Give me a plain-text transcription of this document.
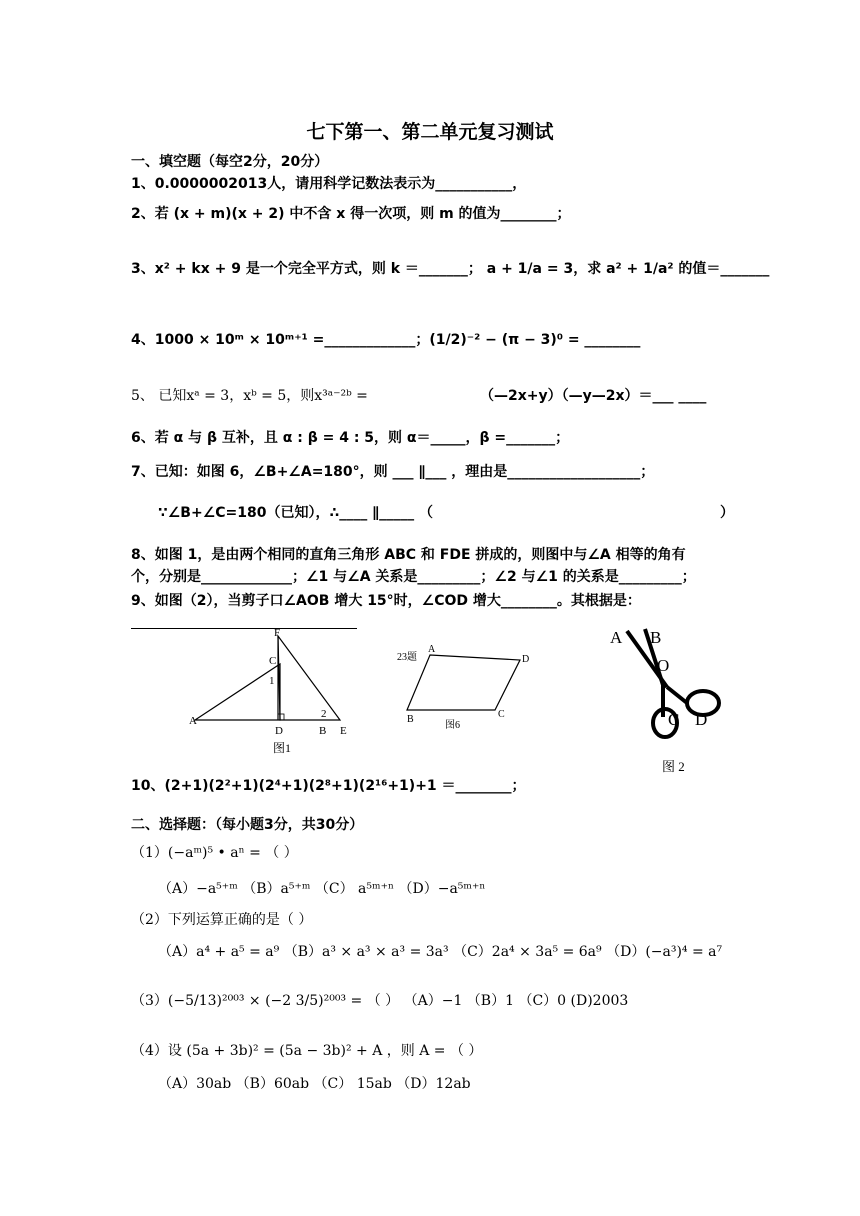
七下第一、第二单元复习测试
一、填空题（每空2分，20分）
1、0.0000002013人，请用科学记数法表示为___________，
2、若 (x + m)(x + 2) 中不含 x 得一次项，则 m 的值为________；
3、x² + kx + 9 是一个完全平方式，则 k ＝_______； a + 1/a = 3，求 a² + 1/a² 的值＝_______
4、1000 × 10ᵐ × 10ᵐ⁺¹ =_____________；(1/2)⁻² − (π − 3)⁰ = ________
5、 已知xᵃ = 3，xᵇ = 5，则x³ᵃ⁻²ᵇ =	（—2x+y）（—y—2x）＝___ ____
6、若 α 与 β 互补，且 α : β = 4 : 5，则 α＝_____，β =_______；
7、已知：如图 6，∠B+∠A=180°，则 ___ ∥___ ，理由是___________________；
∵∠B+∠C=180（已知），∴____ ∥_____ （	）
8、如图 1，是由两个相同的直角三角形 ABC 和 FDE 拼成的，则图中与∠A 相等的角有
个，分别是_____________；∠1 与∠A 关系是_________；∠2 与∠1 的关系是_________；
9、如图（2），当剪子口∠AOB 增大 15°时，∠COD 增大________。其根据是：
F
C
1
A
D
2
B E
图1
23题
A
D
B	C
图6
A B
O
C D
图 2
10、(2+1)(2²+1)(2⁴+1)(2⁸+1)(2¹⁶+1)+1 ＝________；
二、选择题：（每小题3分，共30分）
（1）(−aᵐ)⁵ • aⁿ = （ ）
（A）−a⁵⁺ᵐ （B）a⁵⁺ᵐ （C） a⁵ᵐ⁺ⁿ （D）−a⁵ᵐ⁺ⁿ
（2）下列运算正确的是（ ）
（A）a⁴ + a⁵ = a⁹ （B）a³ × a³ × a³ = 3a³ （C）2a⁴ × 3a⁵ = 6a⁹ （D）(−a³)⁴ = a⁷
（3）(−5/13)²⁰⁰³ × (−2 3/5)²⁰⁰³ = （ ） （A）−1 （B）1 （C）0 (D)2003
（4）设 (5a + 3b)² = (5a − 3b)² + A ，则 A = （ ）
（A）30ab （B）60ab （C） 15ab （D）12ab
